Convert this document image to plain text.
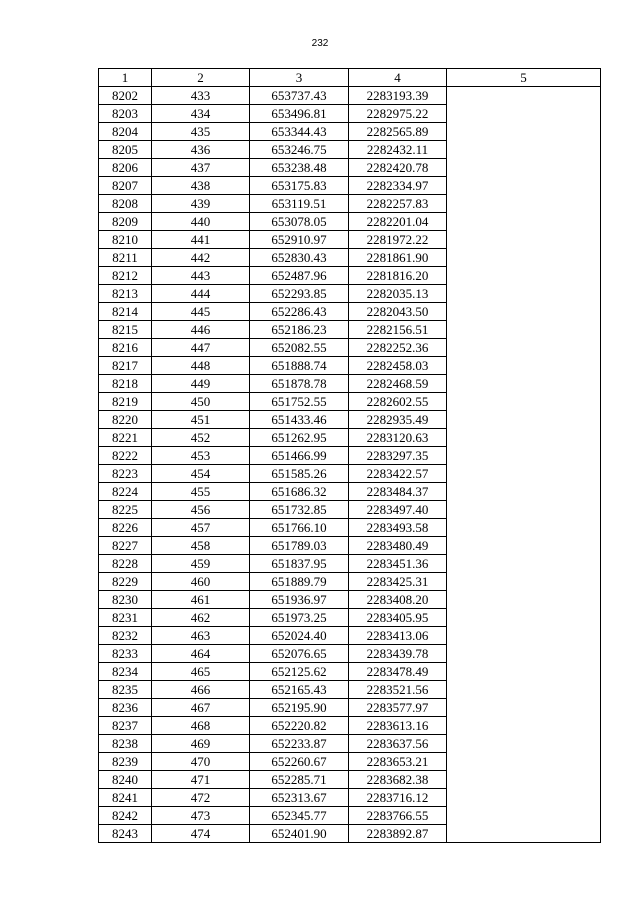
232
1	2	3	4	5
8202	433	653737.43	2283193.39	
8203	434	653496.81	2282975.22	
8204	435	653344.43	2282565.89	
8205	436	653246.75	2282432.11	
8206	437	653238.48	2282420.78	
8207	438	653175.83	2282334.97	
8208	439	653119.51	2282257.83	
8209	440	653078.05	2282201.04	
8210	441	652910.97	2281972.22	
8211	442	652830.43	2281861.90	
8212	443	652487.96	2281816.20	
8213	444	652293.85	2282035.13	
8214	445	652286.43	2282043.50	
8215	446	652186.23	2282156.51	
8216	447	652082.55	2282252.36	
8217	448	651888.74	2282458.03	
8218	449	651878.78	2282468.59	
8219	450	651752.55	2282602.55	
8220	451	651433.46	2282935.49	
8221	452	651262.95	2283120.63	
8222	453	651466.99	2283297.35	
8223	454	651585.26	2283422.57	
8224	455	651686.32	2283484.37	
8225	456	651732.85	2283497.40	
8226	457	651766.10	2283493.58	
8227	458	651789.03	2283480.49	
8228	459	651837.95	2283451.36	
8229	460	651889.79	2283425.31	
8230	461	651936.97	2283408.20	
8231	462	651973.25	2283405.95	
8232	463	652024.40	2283413.06	
8233	464	652076.65	2283439.78	
8234	465	652125.62	2283478.49	
8235	466	652165.43	2283521.56	
8236	467	652195.90	2283577.97	
8237	468	652220.82	2283613.16	
8238	469	652233.87	2283637.56	
8239	470	652260.67	2283653.21	
8240	471	652285.71	2283682.38	
8241	472	652313.67	2283716.12	
8242	473	652345.77	2283766.55	
8243	474	652401.90	2283892.87	
